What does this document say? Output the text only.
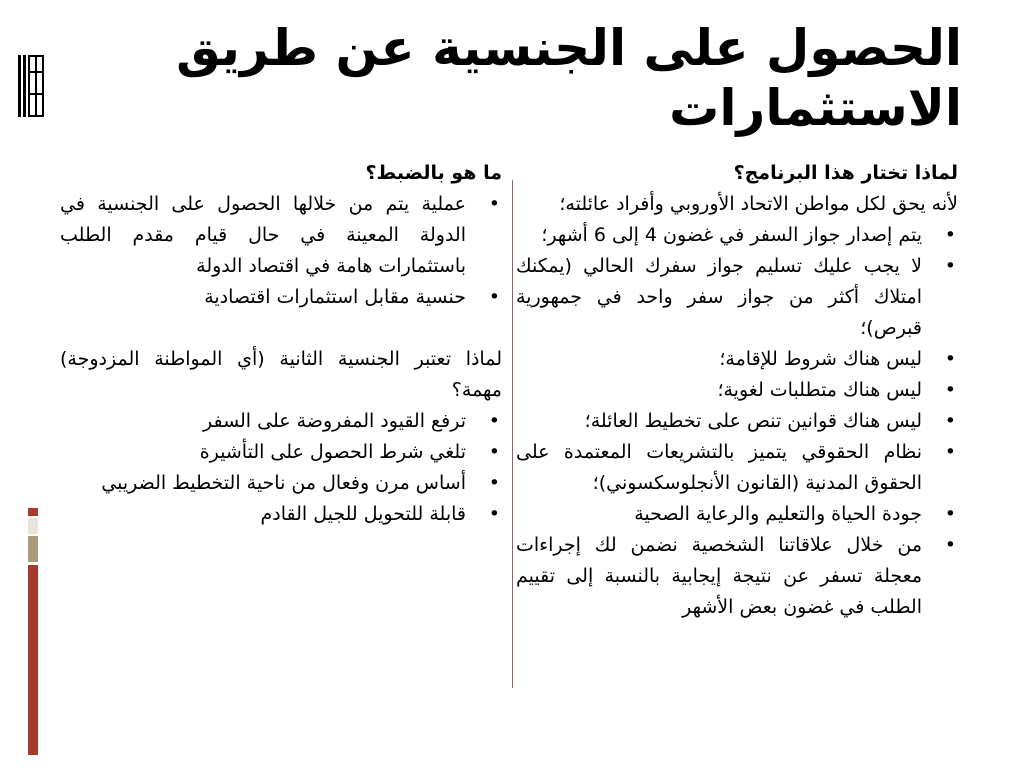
الحصول على الجنسية عن طريق
الاستثمارات
لماذا تختار هذا البرنامج؟
لأنه يحق لكل مواطن الاتحاد الأوروبي وأفراد عائلته؛
• يتم إصدار جواز السفر في غضون 4 إلى 6 أشهر؛
• لا يجب عليك تسليم جواز سفرك الحالي (يمكنك امتلاك أكثر من جواز سفر واحد في جمهورية قبرص)؛
• ليس هناك شروط للإقامة؛
• ليس هناك متطلبات لغوية؛
• ليس هناك قوانين تنص على تخطيط العائلة؛
• نظام الحقوقي يتميز بالتشريعات المعتمدة على الحقوق المدنية (القانون الأنجلوسكسوني)؛
• جودة الحياة والتعليم والرعاية الصحية
• من خلال علاقاتنا الشخصية نضمن لك إجراءات معجلة تسفر عن نتيجة إيجابية بالنسبة إلى تقييم الطلب في غضون بعض الأشهر
ما هو بالضبط؟
• عملية يتم من خلالها الحصول على الجنسية في الدولة المعينة في حال قيام مقدم الطلب باستثمارات هامة في اقتصاد الدولة
• حنسية مقابل استثمارات اقتصادية
لماذا تعتبر الجنسية الثانية (أي المواطنة المزدوجة) مهمة؟
• ترفع القيود المفروضة على السفر
• تلغي شرط الحصول على التأشيرة
• أساس مرن وفعال من ناحية التخطيط الضريبي
• قابلة للتحويل للجيل القادم
